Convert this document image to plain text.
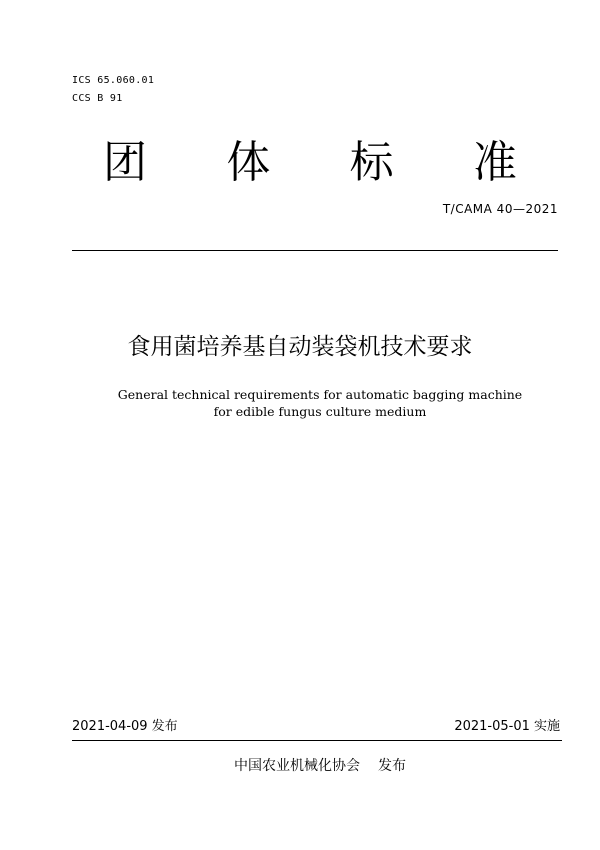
ICS 65.060.01
CCS B 91
团 体 标 准
T/CAMA 40—2021
食用菌培养基自动装袋机技术要求
General technical requirements for automatic bagging machine
for edible fungus culture medium
2021-04-09 发布	2021-05-01 实施
中国农业机械化协会 发布
